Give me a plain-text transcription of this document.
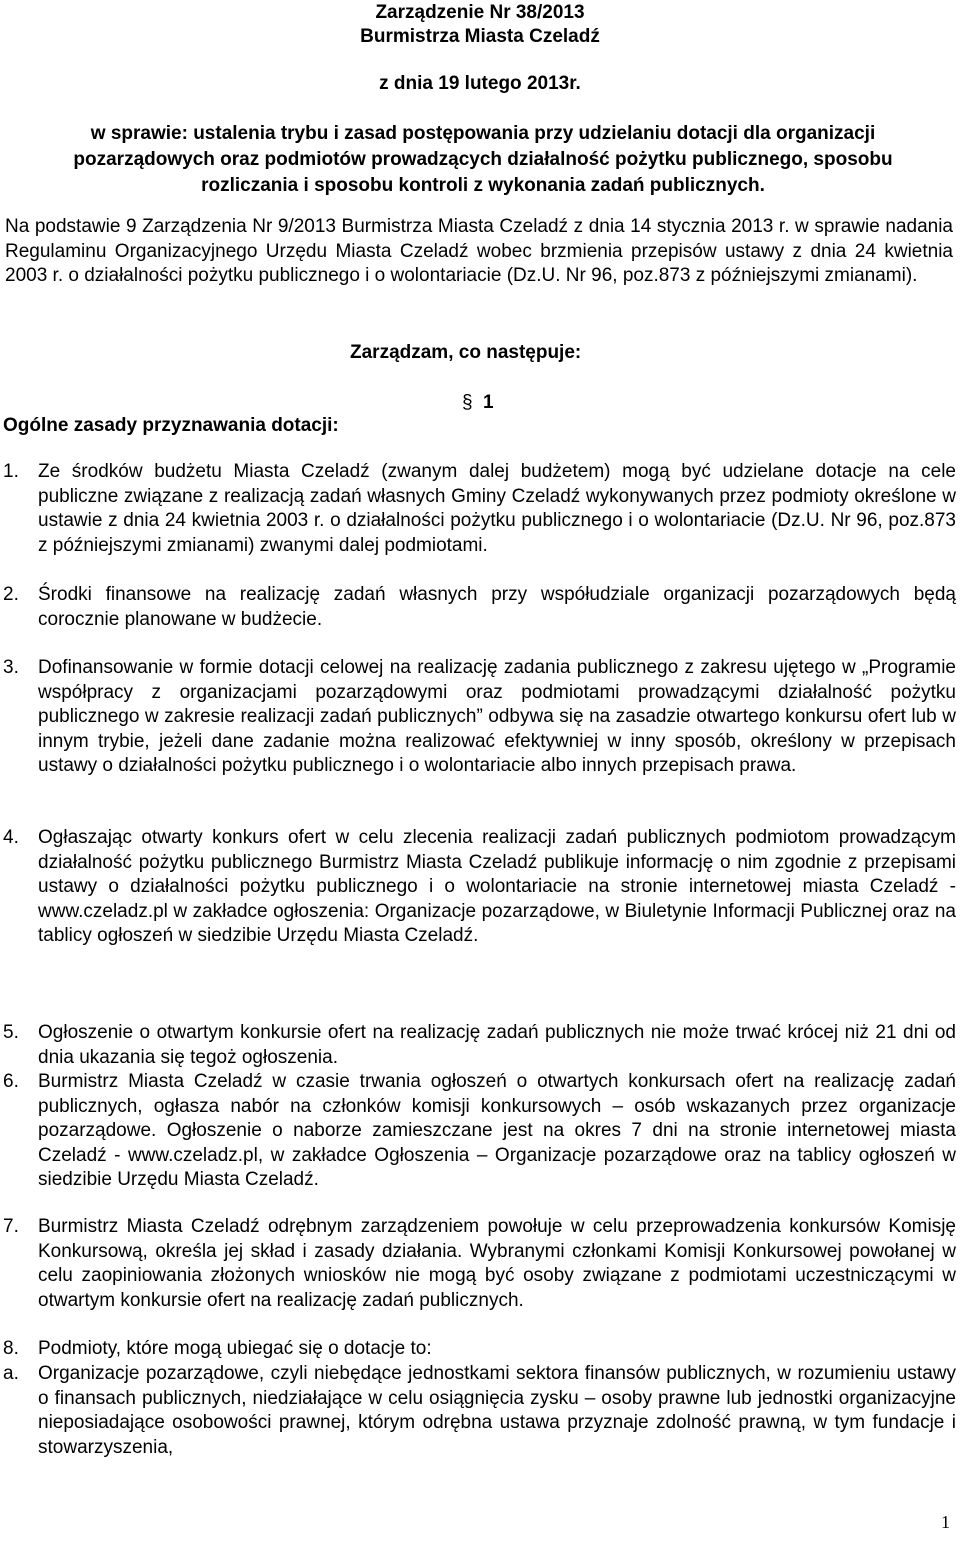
Zarządzenie Nr 38/2013
Burmistrza Miasta Czeladź
z dnia 19 lutego 2013r.
w sprawie: ustalenia trybu i zasad postępowania przy udzielaniu dotacji dla organizacji pozarządowych oraz podmiotów prowadzących działalność pożytku publicznego, sposobu rozliczania i sposobu kontroli z wykonania zadań publicznych.
Na podstawie 9 Zarządzenia Nr 9/2013 Burmistrza Miasta Czeladź z dnia 14 stycznia 2013 r. w sprawie nadania Regulaminu Organizacyjnego Urzędu Miasta Czeladź wobec brzmienia przepisów ustawy z dnia 24 kwietnia 2003 r. o działalności pożytku publicznego i o wolontariacie (Dz.U. Nr 96, poz.873 z późniejszymi zmianami).
Zarządzam, co następuje:
§ 1
Ogólne zasady przyznawania dotacji:
1. Ze środków budżetu Miasta Czeladź (zwanym dalej budżetem) mogą być udzielane dotacje na cele publiczne związane z realizacją zadań własnych Gminy Czeladź wykonywanych przez podmioty określone w ustawie z dnia 24 kwietnia 2003 r. o działalności pożytku publicznego i o wolontariacie (Dz.U. Nr 96, poz.873 z późniejszymi zmianami) zwanymi dalej podmiotami.
2. Środki finansowe na realizację zadań własnych przy współudziale organizacji pozarządowych będą corocznie planowane w budżecie.
3. Dofinansowanie w formie dotacji celowej na realizację zadania publicznego z zakresu ujętego w „Programie współpracy z organizacjami pozarządowymi oraz podmiotami prowadzącymi działalność pożytku publicznego w zakresie realizacji zadań publicznych” odbywa się na zasadzie otwartego konkursu ofert lub w innym trybie, jeżeli dane zadanie można realizować efektywniej w inny sposób, określony w przepisach ustawy o działalności pożytku publicznego i o wolontariacie albo innych przepisach prawa.
4. Ogłaszając otwarty konkurs ofert w celu zlecenia realizacji zadań publicznych podmiotom prowadzącym działalność pożytku publicznego Burmistrz Miasta Czeladź publikuje informację o nim zgodnie z przepisami ustawy o działalności pożytku publicznego i o wolontariacie na stronie internetowej miasta Czeladź - www.czeladz.pl w zakładce ogłoszenia: Organizacje pozarządowe, w Biuletynie Informacji Publicznej oraz na tablicy ogłoszeń w siedzibie Urzędu Miasta Czeladź.
5. Ogłoszenie o otwartym konkursie ofert na realizację zadań publicznych nie może trwać krócej niż 21 dni od dnia ukazania się tegoż ogłoszenia.
6. Burmistrz Miasta Czeladź w czasie trwania ogłoszeń o otwartych konkursach ofert na realizację zadań publicznych, ogłasza nabór na członków komisji konkursowych – osób wskazanych przez organizacje pozarządowe. Ogłoszenie o naborze zamieszczane jest na okres 7 dni na stronie internetowej miasta Czeladź - www.czeladz.pl, w zakładce Ogłoszenia – Organizacje pozarządowe oraz na tablicy ogłoszeń w siedzibie Urzędu Miasta Czeladź.
7. Burmistrz Miasta Czeladź odrębnym zarządzeniem powołuje w celu przeprowadzenia konkursów Komisję Konkursową, określa jej skład i zasady działania. Wybranymi członkami Komisji Konkursowej powołanej w celu zaopiniowania złożonych wniosków nie mogą być osoby związane z podmiotami uczestniczącymi w otwartym konkursie ofert na realizację zadań publicznych.
8. Podmioty, które mogą ubiegać się o dotacje to:
a. Organizacje pozarządowe, czyli niebędące jednostkami sektora finansów publicznych, w rozumieniu ustawy o finansach publicznych, niedziałające w celu osiągnięcia zysku – osoby prawne lub jednostki organizacyjne nieposiadające osobowości prawnej, którym odrębna ustawa przyznaje zdolność prawną, w tym fundacje i stowarzyszenia,
1
